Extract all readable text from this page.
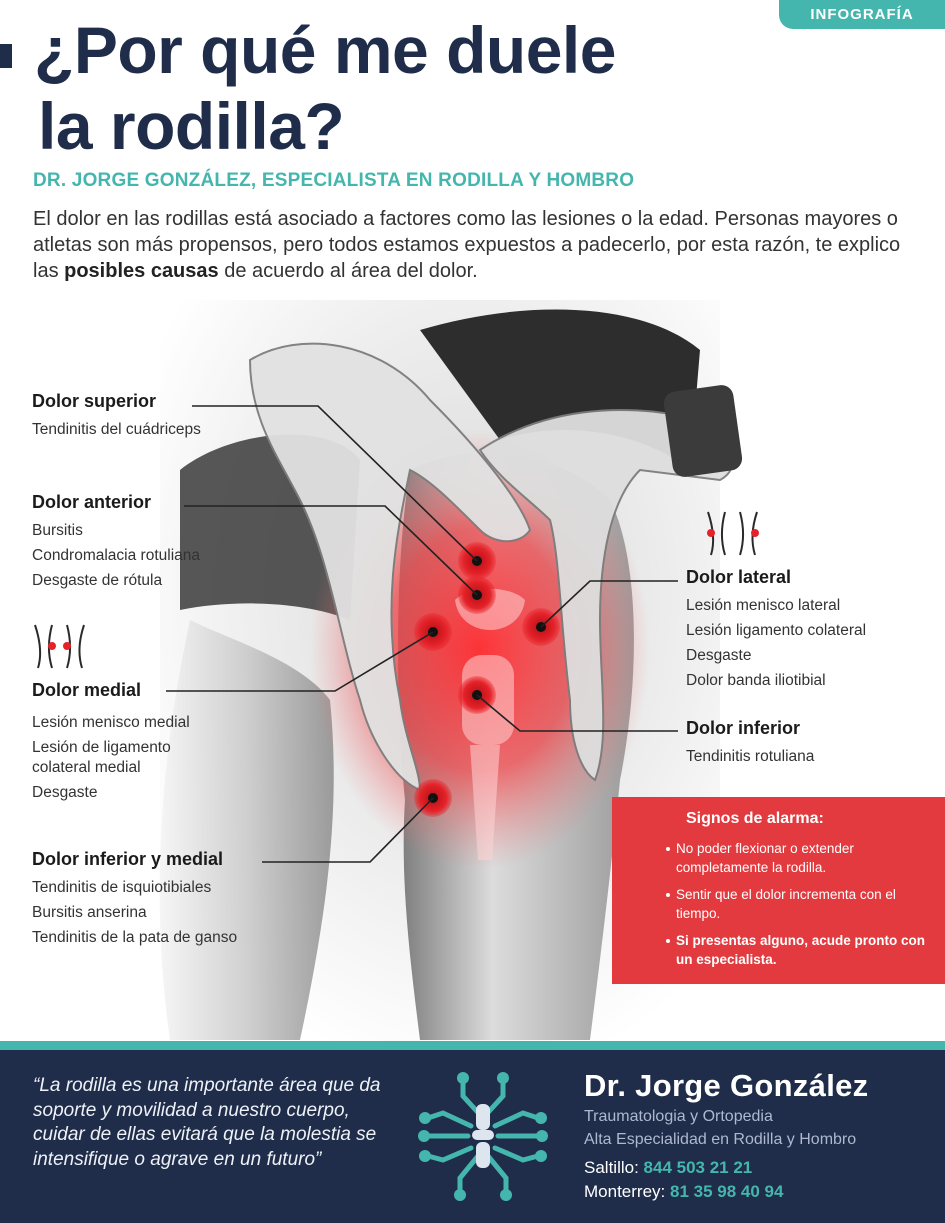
INFOGRAFÍA
¿Por qué me duele
la rodilla?
DR. JORGE GONZÁLEZ, ESPECIALISTA EN RODILLA Y HOMBRO
El dolor en las rodillas está asociado a factores como las lesiones o la edad. Personas mayores o atletas son más propensos, pero todos estamos expuestos a padecerlo, por esta razón, te explico las posibles causas de acuerdo al área del dolor.
Dolor superior
Tendinitis del cuádriceps
Dolor anterior
Bursitis
Condromalacia rotuliana
Desgaste de rótula
Dolor medial
Lesión menisco medial
Lesión de ligamento
colateral medial
Desgaste
Dolor inferior y medial
Tendinitis de isquiotibiales
Bursitis anserina
Tendinitis de la pata de ganso
Dolor lateral
Lesión menisco lateral
Lesión ligamento colateral
Desgaste
Dolor banda iliotibial
Dolor inferior
Tendinitis rotuliana
Signos de alarma:
No poder flexionar o extender completamente la rodilla.
Sentir que el dolor incrementa con el tiempo.
Si presentas alguno, acude pronto con un especialista.
“La rodilla es una importante área que da soporte y movilidad a nuestro cuerpo, cuidar de ellas evitará que la molestia se intensifique o agrave en un futuro”
Dr. Jorge González
Traumatologia y Ortopedia
Alta Especialidad en Rodilla y Hombro
Saltillo: 844 503 21 21
Monterrey: 81 35 98 40 94
